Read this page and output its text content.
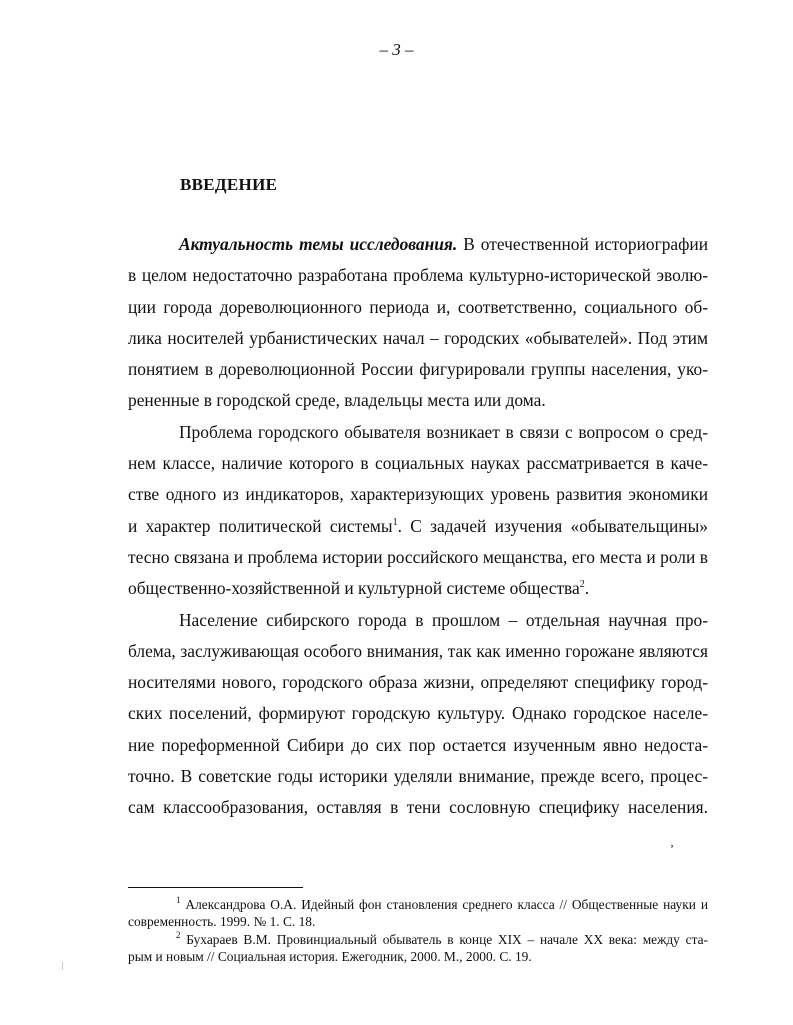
– 3 –
ВВЕДЕНИЕ
Актуальность темы исследования. В отечественной историографии
в целом недостаточно разработана проблема культурно-исторической эволю-
ции города дореволюционного периода и, соответственно, социального об-
лика носителей урбанистических начал – городских «обывателей». Под этим
понятием в дореволюционной России фигурировали группы населения, уко-
рененные в городской среде, владельцы места или дома.
Проблема городского обывателя возникает в связи с вопросом о сред-
нем классе, наличие которого в социальных науках рассматривается в каче-
стве одного из индикаторов, характеризующих уровень развития экономики
и характер политической системы$^1$. С задачей изучения «обывательщины»
тесно связана и проблема истории российского мещанства, его места и роли в
общественно-хозяйственной и культурной системе общества$^2$.
Население сибирского города в прошлом – отдельная научная про-
блема, заслуживающая особого внимания, так как именно горожане являются
носителями нового, городского образа жизни, определяют специфику город-
ских поселений, формируют городскую культуру. Однако городское населе-
ние пореформенной Сибири до сих пор остается изученным явно недоста-
точно. В советские годы историки уделяли внимание, прежде всего, процес-
сам классообразования, оставляя в тени сословную специфику населения.
ʼ
$^1$ Александрова О.А. Идейный фон становления среднего класса // Общественные науки и
современность. 1999. № 1. С. 18.
$^2$ Бухараев В.М. Провинциальный обыватель в конце XIX – начале XX века: между ста-
рым и новым // Социальная история. Ежегодник, 2000. М., 2000. С. 19.
